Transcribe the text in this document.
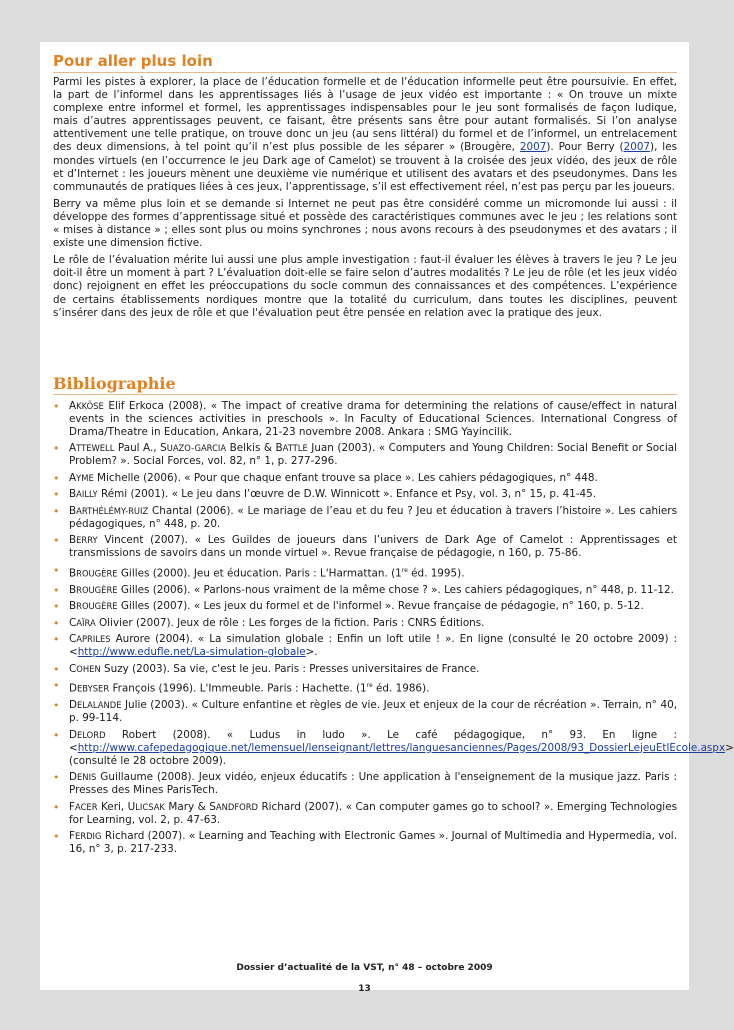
Pour aller plus loin

Parmi les pistes à explorer, la place de l’éducation formelle et de l’éducation informelle peut être poursuivie. En effet, la part de l’informel dans les apprentissages liés à l’usage de jeux vidéo est importante : « On trouve un mixte complexe entre informel et formel, les apprentissages indispensables pour le jeu sont formalisés de façon ludique, mais d’autres apprentissages peuvent, ce faisant, être présents sans être pour autant formalisés. Si l’on analyse attentivement une telle pratique, on trouve donc un jeu (au sens littéral) du formel et de l’informel, un entrelacement des deux dimensions, à tel point qu’il n’est plus possible de les séparer » (Brougère, 2007). Pour Berry (2007), les mondes virtuels (en l’occurrence le jeu Dark age of Camelot) se trouvent à la croisée des jeux vidéo, des jeux de rôle et d’Internet : les joueurs mènent une deuxième vie numérique et utilisent des avatars et des pseudonymes. Dans les communautés de pratiques liées à ces jeux, l’apprentissage, s’il est effectivement réel, n’est pas perçu par les joueurs.

Berry va même plus loin et se demande si Internet ne peut pas être considéré comme un micromonde lui aussi : il développe des formes d’apprentissage situé et possède des caractéristiques communes avec le jeu ; les relations sont « mises à distance » ; elles sont plus ou moins synchrones ; nous avons recours à des pseudonymes et des avatars ; il existe une dimension fictive.

Le rôle de l’évaluation mérite lui aussi une plus ample investigation : faut-il évaluer les élèves à travers le jeu ? Le jeu doit-il être un moment à part ? L’évaluation doit-elle se faire selon d’autres modalités ? Le jeu de rôle (et les jeux vidéo donc) rejoignent en effet les préoccupations du socle commun des connaissances et des compétences. L’expérience de certains établissements nordiques montre que la totalité du curriculum, dans toutes les disciplines, peuvent s’insérer dans des jeux de rôle et que l'évaluation peut être pensée en relation avec la pratique des jeux.

Bibliographie
• AKKÖSE Elif Erkoca (2008). « The impact of creative drama for determining the relations of cause/effect in natural events in the sciences activities in preschools ». In Faculty of Educational Sciences. International Congress of Drama/Theatre in Education, Ankara, 21-23 novembre 2008. Ankara : SMG Yayincilik.
• ATTEWELL Paul A., SUAZO-GARCIA Belkis & BATTLE Juan (2003). « Computers and Young Children: Social Benefit or Social Problem? ». Social Forces, vol. 82, n° 1, p. 277-296.
• AYME Michelle (2006). « Pour que chaque enfant trouve sa place ». Les cahiers pédagogiques, n° 448.
• BAILLY Rémi (2001). « Le jeu dans l’œuvre de D.W. Winnicott ». Enfance et Psy, vol. 3, n° 15, p. 41-45.
• BARTHÉLÉMY-RUIZ Chantal (2006). « Le mariage de l’eau et du feu ? Jeu et éducation à travers l’histoire ». Les cahiers pédagogiques, n° 448, p. 20.
• BERRY Vincent (2007). « Les Guildes de joueurs dans l’univers de Dark Age of Camelot : Apprentissages et transmissions de savoirs dans un monde virtuel ». Revue française de pédagogie, n 160, p. 75-86.
• BROUGÈRE Gilles (2000). Jeu et éducation. Paris : L'Harmattan. (1re éd. 1995).
• BROUGÈRE Gilles (2006). « Parlons-nous vraiment de la même chose ? ». Les cahiers pédagogiques, n° 448, p. 11-12.
• BROUGÈRE Gilles (2007). « Les jeux du formel et de l'informel ». Revue française de pédagogie, n° 160, p. 5-12.
• CAÏRA Olivier (2007). Jeux de rôle : Les forges de la fiction. Paris : CNRS Éditions.
• CAPRILES Aurore (2004). « La simulation globale : Enfin un loft utile ! ». En ligne (consulté le 20 octobre 2009) : <http://www.edufle.net/La-simulation-globale>.
• COHEN Suzy (2003). Sa vie, c'est le jeu. Paris : Presses universitaires de France.
• DEBYSER François (1996). L'Immeuble. Paris : Hachette. (1re éd. 1986).
• DELALANDE Julie (2003). « Culture enfantine et règles de vie. Jeux et enjeux de la cour de récréation ». Terrain, n° 40, p. 99-114.
• DELORD Robert (2008). « Ludus in ludo ». Le café pédagogique, n° 93. En ligne : <http://www.cafepedagogique.net/lemensuel/lenseignant/lettres/languesanciennes/Pages/2008/93_DossierLejeuEtlEcole.aspx> (consulté le 28 octobre 2009).
• DENIS Guillaume (2008). Jeux vidéo, enjeux éducatifs : Une application à l'enseignement de la musique jazz. Paris : Presses des Mines ParisTech.
• FACER Keri, ULICSAK Mary & SANDFORD Richard (2007). « Can computer games go to school? ». Emerging Technologies for Learning, vol. 2, p. 47-63.
• FERDIG Richard (2007). « Learning and Teaching with Electronic Games ». Journal of Multimedia and Hypermedia, vol. 16, n° 3, p. 217-233.
Dossier d’actualité de la VST, n° 48 – octobre 2009
13
